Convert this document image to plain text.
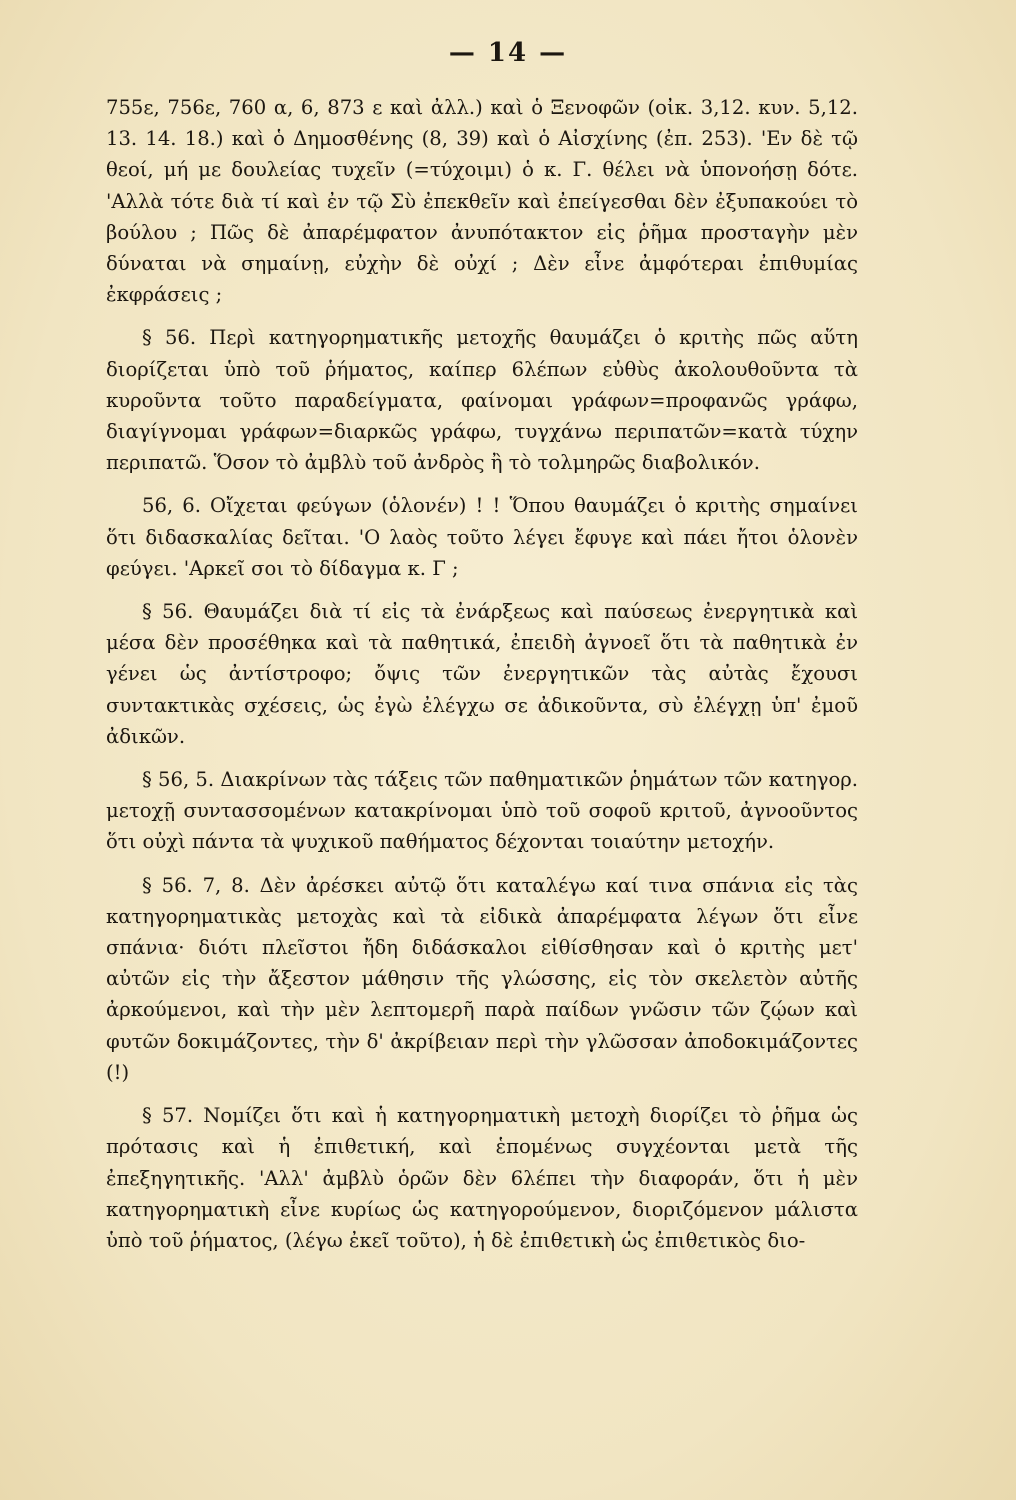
— 14 —

755ε, 756ε, 760 α, 6, 873 ε καὶ ἀλλ.) καὶ ὁ Ξενοφῶν (οἰκ. 3,12. κυν. 5,12. 13. 14. 18.) καὶ ὁ Δημοσθένης (8, 39) καὶ ὁ Αἰσχίνης (ἐπ. 253). 'Εν δὲ τῷ θεοί, μή με δουλείας τυχεῖν (=τύχοιμι) ὁ κ. Γ. θέλει νὰ ὑπονοήσῃ δότε. 'Αλλὰ τότε διὰ τί καὶ ἐν τῷ Σὺ ἐπεκθεῖν καὶ ἐπείγεσθαι δὲν ἐξυπακούει τὸ βούλου ; Πῶς δὲ ἀπαρέμφατον ἀνυπότακτον εἰς ῥῆμα προσταγὴν μὲν δύναται νὰ σημαίνῃ, εὐχὴν δὲ οὐχί ; Δὲν εἶνε ἀμφότεραι ἐπιθυμίας ἐκφράσεις ;

§ 56. Περὶ κατηγορηματικῆς μετοχῆς θαυμάζει ὁ κριτὴς πῶς αὕτη διορίζεται ὑπὸ τοῦ ῥήματος, καίπερ 6λέπων εὐθὺς ἀκολουθοῦντα τὰ κυροῦντα τοῦτο παραδείγματα, φαίνομαι γράφων=προφανῶς γράφω, διαγίγνομαι γράφων=διαρκῶς γράφω, τυγχάνω περιπατῶν=κατὰ τύχην περιπατῶ. Ὅσον τὸ ἀμβλὺ τοῦ ἀνδρὸς ἢ τὸ τολμηρῶς διαβολικόν.

56, 6. Οἴχεται φεύγων (ὁλονέν) ! ! Ὅπου θαυμάζει ὁ κριτὴς σημαίνει ὅτι διδασκαλίας δεῖται. 'Ο λαὸς τοῦτο λέγει ἔφυγε καὶ πάει ἤτοι ὁλονὲν φεύγει. 'Αρκεῖ σοι τὸ δίδαγμα κ. Γ ;

§ 56. Θαυμάζει διὰ τί εἰς τὰ ἐνάρξεως καὶ παύσεως ἐνεργητικὰ καὶ μέσα δὲν προσέθηκα καὶ τὰ παθητικά, ἐπειδὴ ἀγνοεῖ ὅτι τὰ παθητικὰ ἐν γένει ὡς ἀντίστροφο; ὄψις τῶν ἐνεργητικῶν τὰς αὐτὰς ἔχουσι συντακτικὰς σχέσεις, ὡς ἐγὼ ἐλέγχω σε ἀδικοῦντα, σὺ ἐλέγχῃ ὑπ' ἐμοῦ ἀδικῶν.

§ 56, 5. Διακρίνων τὰς τάξεις τῶν παθηματικῶν ῥημάτων τῶν κατηγορ. μετοχῇ συντασσομένων κατακρίνομαι ὑπὸ τοῦ σοφοῦ κριτοῦ, ἀγνοοῦντος ὅτι οὐχὶ πάντα τὰ ψυχικοῦ παθήματος δέχονται τοιαύτην μετοχήν.

§ 56. 7, 8. Δὲν ἀρέσκει αὐτῷ ὅτι καταλέγω καί τινα σπάνια εἰς τὰς κατηγορηματικὰς μετοχὰς καὶ τὰ εἰδικὰ ἀπαρέμφατα λέγων ὅτι εἶνε σπάνια· διότι πλεῖστοι ἤδη διδάσκαλοι εἰθίσθησαν καὶ ὁ κριτὴς μετ' αὐτῶν εἰς τὴν ἄξεστον μάθησιν τῆς γλώσσης, εἰς τὸν σκελετὸν αὐτῆς ἀρκούμενοι, καὶ τὴν μὲν λεπτομερῆ παρὰ παίδων γνῶσιν τῶν ζῴων καὶ φυτῶν δοκιμάζοντες, τὴν δ' ἀκρίβειαν περὶ τὴν γλῶσσαν ἀποδοκιμάζοντες (!)

§ 57. Νομίζει ὅτι καὶ ἡ κατηγορηματικὴ μετοχὴ διορίζει τὸ ῥῆμα ὡς πρότασις καὶ ἡ ἐπιθετική, καὶ ἑπομένως συγχέονται μετὰ τῆς ἐπεξηγητικῆς. 'Αλλ' ἀμβλὺ ὁρῶν δὲν 6λέπει τὴν διαφοράν, ὅτι ἡ μὲν κατηγορηματικὴ εἶνε κυρίως ὡς κατηγορούμενον, διοριζόμενον μάλιστα ὑπὸ τοῦ ῥήματος, (λέγω ἐκεῖ τοῦτο), ἡ δὲ ἐπιθετικὴ ὡς ἐπιθετικὸς διο-
